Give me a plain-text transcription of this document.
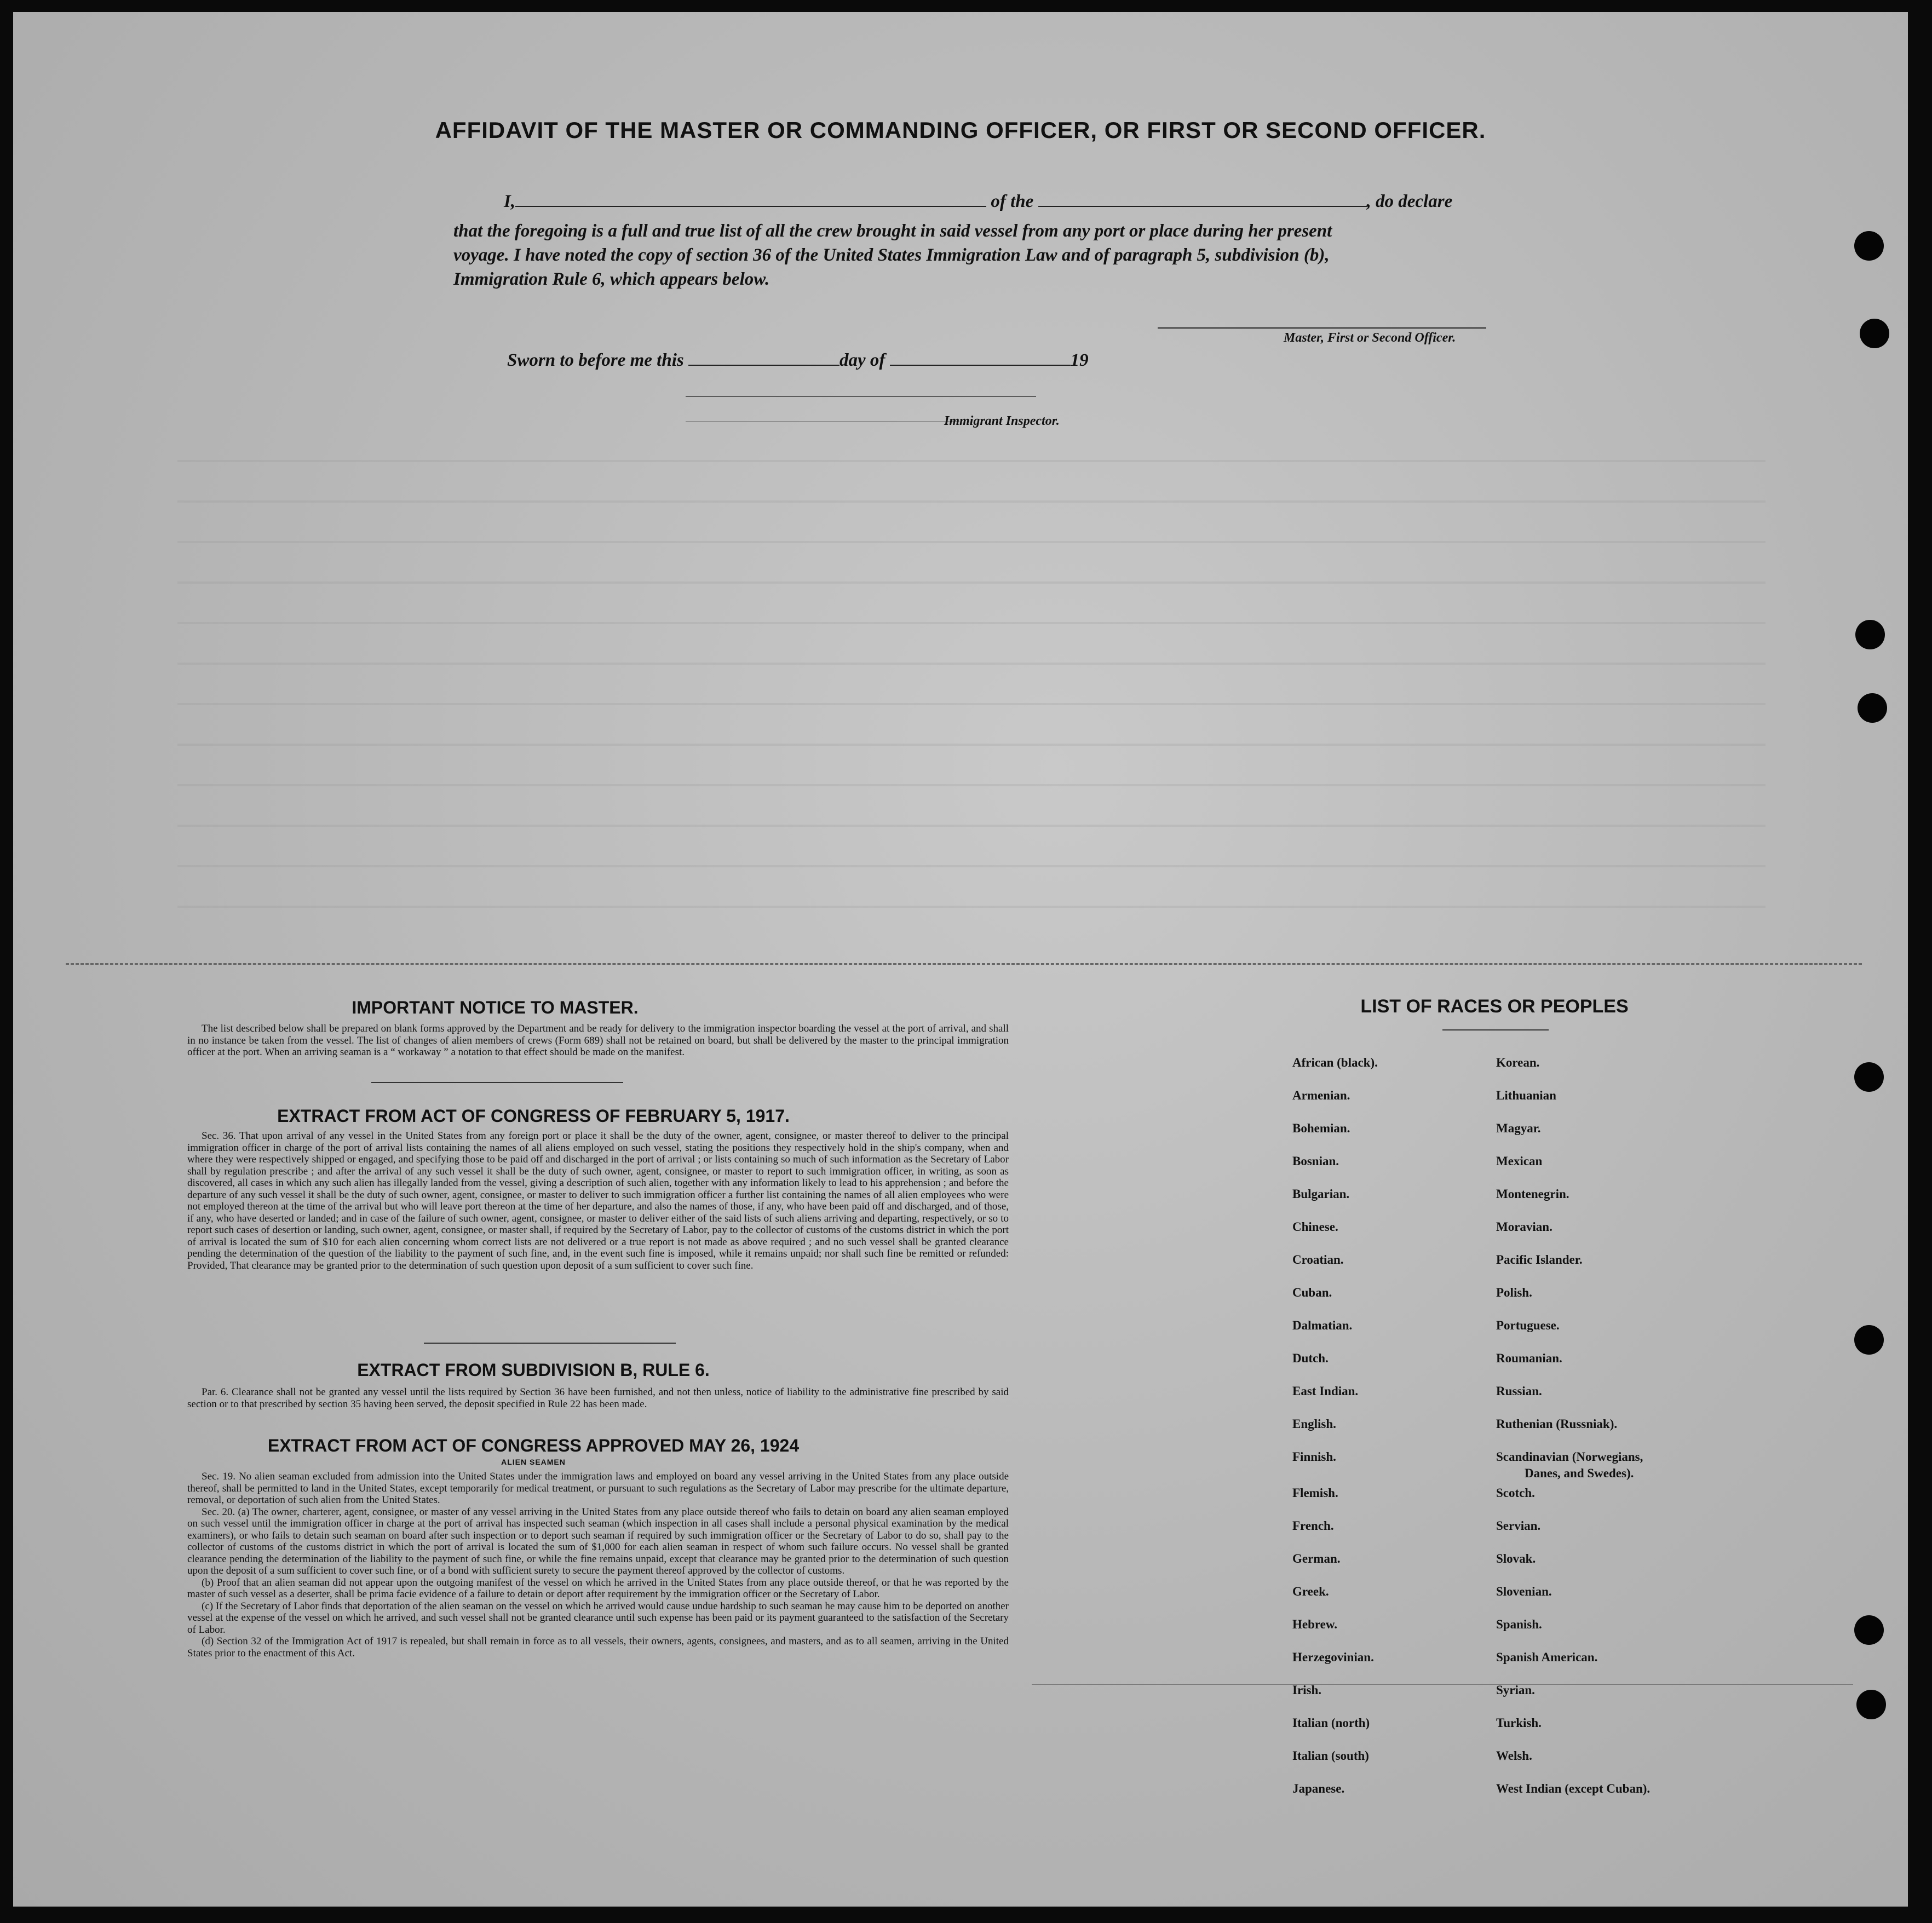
AFFIDAVIT OF THE MASTER OR COMMANDING OFFICER, OR FIRST OR SECOND OFFICER.
I,	of the	, do declare
that the foregoing is a full and true list of all the crew brought in said vessel from any port or place during her present
voyage. I have noted the copy of section 36 of the United States Immigration Law and of paragraph 5, subdivision (b),
Immigration Rule 6, which appears below.
Master, First or Second Officer.
Sworn to before me this	day of	19
Immigrant Inspector.
IMPORTANT NOTICE TO MASTER.

The list described below shall be prepared on blank forms approved by the Department and be ready for delivery to the immigration inspector boarding the vessel at the port of arrival, and shall in no instance be taken from the vessel. The list of changes of alien members of crews (Form 689) shall not be retained on board, but shall be delivered by the master to the principal immigration officer at the port. When an arriving seaman is a “ workaway ” a notation to that effect should be made on the manifest.

EXTRACT FROM ACT OF CONGRESS OF FEBRUARY 5, 1917.

Sec. 36. That upon arrival of any vessel in the United States from any foreign port or place it shall be the duty of the owner, agent, consignee, or master thereof to deliver to the principal immigration officer in charge of the port of arrival lists containing the names of all aliens employed on such vessel, stating the positions they respectively hold in the ship's company, when and where they were respectively shipped or engaged, and specifying those to be paid off and discharged in the port of arrival ; or lists containing so much of such information as the Secretary of Labor shall by regulation prescribe ; and after the arrival of any such vessel it shall be the duty of such owner, agent, consignee, or master to report to such immigration officer, in writing, as soon as discovered, all cases in which any such alien has illegally landed from the vessel, giving a description of such alien, together with any information likely to lead to his apprehension ; and before the departure of any such vessel it shall be the duty of such owner, agent, consignee, or master to deliver to such immigration officer a further list containing the names of all alien employees who were not employed thereon at the time of the arrival but who will leave port thereon at the time of her departure, and also the names of those, if any, who have been paid off and discharged, and of those, if any, who have deserted or landed; and in case of the failure of such owner, agent, consignee, or master to deliver either of the said lists of such aliens arriving and departing, respectively, or so to report such cases of desertion or landing, such owner, agent, consignee, or master shall, if required by the Secretary of Labor, pay to the collector of customs of the customs district in which the port of arrival is located the sum of $10 for each alien concerning whom correct lists are not delivered or a true report is not made as above required ; and no such vessel shall be granted clearance pending the determination of the question of the liability to the payment of such fine, and, in the event such fine is imposed, while it remains unpaid; nor shall such fine be remitted or refunded: Provided, That clearance may be granted prior to the determination of such question upon deposit of a sum sufficient to cover such fine.

EXTRACT FROM SUBDIVISION B, RULE 6.

Par. 6. Clearance shall not be granted any vessel until the lists required by Section 36 have been furnished, and not then unless, notice of liability to the administrative fine prescribed by said section or to that prescribed by section 35 having been served, the deposit specified in Rule 22 has been made.

EXTRACT FROM ACT OF CONGRESS APPROVED MAY 26, 1924
ALIEN SEAMEN

Sec. 19. No alien seaman excluded from admission into the United States under the immigration laws and employed on board any vessel arriving in the United States from any place outside thereof, shall be permitted to land in the United States, except temporarily for medical treatment, or pursuant to such regulations as the Secretary of Labor may prescribe for the ultimate departure, removal, or deportation of such alien from the United States.

Sec. 20. (a) The owner, charterer, agent, consignee, or master of any vessel arriving in the United States from any place outside thereof who fails to detain on board any alien seaman employed on such vessel until the immigration officer in charge at the port of arrival has inspected such seaman (which inspection in all cases shall include a personal physical examination by the medical examiners), or who fails to detain such seaman on board after such inspection or to deport such seaman if required by such immigration officer or the Secretary of Labor to do so, shall pay to the collector of customs of the customs district in which the port of arrival is located the sum of $1,000 for each alien seaman in respect of whom such failure occurs. No vessel shall be granted clearance pending the determination of the liability to the payment of such fine, or while the fine remains unpaid, except that clearance may be granted prior to the determination of such question upon the deposit of a sum sufficient to cover such fine, or of a bond with sufficient surety to secure the payment thereof approved by the collector of customs.

(b) Proof that an alien seaman did not appear upon the outgoing manifest of the vessel on which he arrived in the United States from any place outside thereof, or that he was reported by the master of such vessel as a deserter, shall be prima facie evidence of a failure to detain or deport after requirement by the immigration officer or the Secretary of Labor.

(c) If the Secretary of Labor finds that deportation of the alien seaman on the vessel on which he arrived would cause undue hardship to such seaman he may cause him to be deported on another vessel at the expense of the vessel on which he arrived, and such vessel shall not be granted clearance until such expense has been paid or its payment guaranteed to the satisfaction of the Secretary of Labor.

(d) Section 32 of the Immigration Act of 1917 is repealed, but shall remain in force as to all vessels, their owners, agents, consignees, and masters, and as to all seamen, arriving in the United States prior to the enactment of this Act.

LIST OF RACES OR PEOPLES
African (black).
Armenian.
Bohemian.
Bosnian.
Bulgarian.
Chinese.
Croatian.
Cuban.
Dalmatian.
Dutch.
East Indian.
English.
Finnish.
Flemish.
French.
German.
Greek.
Hebrew.
Herzegovinian.
Irish.
Italian (north)
Italian (south)
Japanese.
Korean.
Lithuanian
Magyar.
Mexican
Montenegrin.
Moravian.
Pacific Islander.
Polish.
Portuguese.
Roumanian.
Russian.
Ruthenian (Russniak).
Scandinavian (Norwegians,
Danes, and Swedes).
Scotch.
Servian.
Slovak.
Slovenian.
Spanish.
Spanish American.
Syrian.
Turkish.
Welsh.
West Indian (except Cuban).
